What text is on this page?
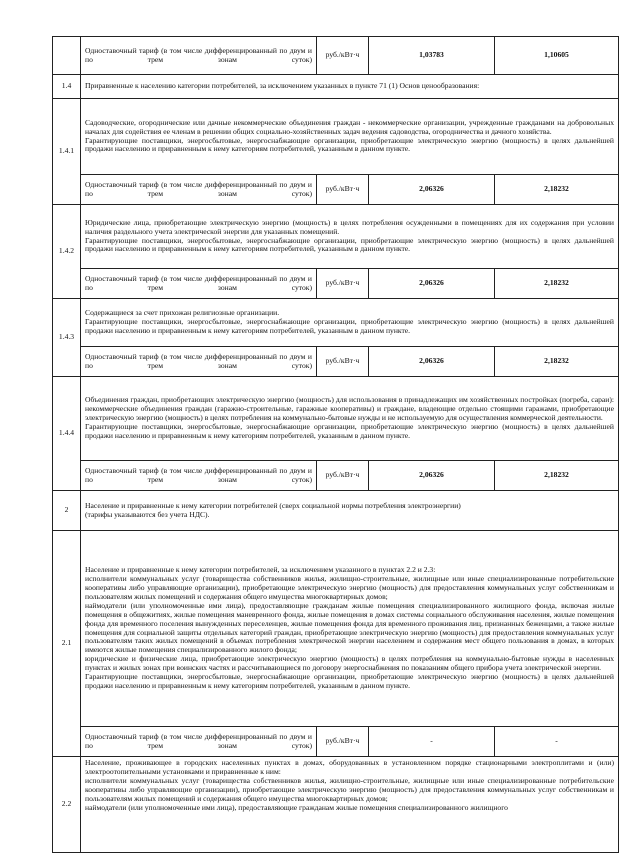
	Одноставочный тариф (в том числе дифференцированный по двум и по трем зонам суток)	руб./кВт·ч	1,03783	1,10605
1.4	Приравненные к населению категории потребителей, за исключением указанных в пункте 71 (1) Основ ценообразования:			

1.4.1	Садоводческие, огороднические или дачные некоммерческие объединения граждан - некоммерческие организации, учрежденные гражданами на добровольных началах для содействия ее членам в решении общих социально-хозяйственных задач ведения садоводства, огородничества и дачного хозяйства.

Гарантирующие поставщики, энергосбытовые, энергоснабжающие организации, приобретающие электрическую энергию (мощность) в целях дальнейшей продажи населению и приравненным к нему категориям потребителей, указанным в данном пункте.			

	Одноставочный тариф (в том числе дифференцированный по двум и по трем зонам суток)	руб./кВт·ч	2,06326	2,18232
1.4.2	Юридические лица, приобретающие электрическую энергию (мощность) в целях потребления осужденными в помещениях для их содержания при условии наличия раздельного учета электрической энергии для указанных помещений.

Гарантирующие поставщики, энергосбытовые, энергоснабжающие организации, приобретающие электрическую энергию (мощность) в целях дальнейшей продажи населению и приравненным к нему категориям потребителей, указанным в данном пункте.			

	Одноставочный тариф (в том числе дифференцированный по двум и по трем зонам суток)	руб./кВт·ч	2,06326	2,18232
1.4.3	Содержащиеся за счет прихожан религиозные организации.

Гарантирующие поставщики, энергосбытовые, энергоснабжающие организации, приобретающие электрическую энергию (мощность) в целях дальнейшей продажи населению и приравненным к нему категориям потребителей, указанным в данном пункте.			

	Одноставочный тариф (в том числе дифференцированный по двум и по трем зонам суток)	руб./кВт·ч	2,06326	2,18232
1.4.4	Объединения граждан, приобретающих электрическую энергию (мощность) для использования в принадлежащих им хозяйственных постройках (погреба, сараи): некоммерческие объединения граждан (гаражно-строительные, гаражные кооперативы) и граждане, владеющие отдельно стоящими гаражами, приобретающие электрическую энергию (мощность) в целях потребления на коммунально-бытовые нужды и не используемую для осуществления коммерческой деятельности.

Гарантирующие поставщики, энергосбытовые, энергоснабжающие организации, приобретающие электрическую энергию (мощность) в целях дальнейшей продажи населению и приравненным к нему категориям потребителей, указанным в данном пункте.			

	Одноставочный тариф (в том числе дифференцированный по двум и по трем зонам суток)	руб./кВт·ч	2,06326	2,18232
2	Население и приравненные к нему категории потребителей (сверх социальной нормы потребления электроэнергии)

(тарифы указываются без учета НДС).			

2.1	Население и приравненные к нему категории потребителей, за исключением указанного в пунктах 2.2 и 2.3:

исполнители коммунальных услуг (товарищества собственников жилья, жилищно-строительные, жилищные или иные специализированные потребительские кооперативы либо управляющие организации), приобретающие электрическую энергию (мощность) для предоставления коммунальных услуг собственникам и пользователям жилых помещений и содержания общего имущества многоквартирных домов;

наймодатели (или уполномоченные ими лица), предоставляющие гражданам жилые помещения специализированного жилищного фонда, включая жилые помещения в общежитиях, жилые помещения маневренного фонда, жилые помещения в домах системы социального обслуживания населения, жилые помещения фонда для временного поселения вынужденных переселенцев, жилые помещения фонда для временного проживания лиц, признанных беженцами, а также жилые помещения для социальной защиты отдельных категорий граждан, приобретающие электрическую энергию (мощность) для предоставления коммунальных услуг пользователям таких жилых помещений в объемах потребления электрической энергии населением и содержания мест общего пользования в домах, в которых имеются жилые помещения специализированного жилого фонда;

юридические и физические лица, приобретающие электрическую энергию (мощность) в целях потребления на коммунально-бытовые нужды в населенных пунктах и жилых зонах при воинских частях и рассчитывающиеся по договору энергоснабжения по показаниям общего прибора учета электрической энергии.

Гарантирующие поставщики, энергосбытовые, энергоснабжающие организации, приобретающие электрическую энергию (мощность) в целях дальнейшей продажи населению и приравненным к нему категориям потребителей, указанным в данном пункте.			

	Одноставочный тариф (в том числе дифференцированный по двум и по трем зонам суток)	руб./кВт·ч	-	-
2.2	Население, проживающее в городских населенных пунктах в домах, оборудованных в установленном порядке стационарными электроплитами и (или) электроотопительными установками и приравненные к ним:

исполнители коммунальных услуг (товарищества собственников жилья, жилищно-строительные, жилищные или иные специализированные потребительские кооперативы либо управляющие организации), приобретающие электрическую энергию (мощность) для предоставления коммунальных услуг собственникам и пользователям жилых помещений и содержания общего имущества многоквартирных домов;

наймодатели (или уполномоченные ими лица), предоставляющие гражданам жилые помещения специализированного жилищного			
